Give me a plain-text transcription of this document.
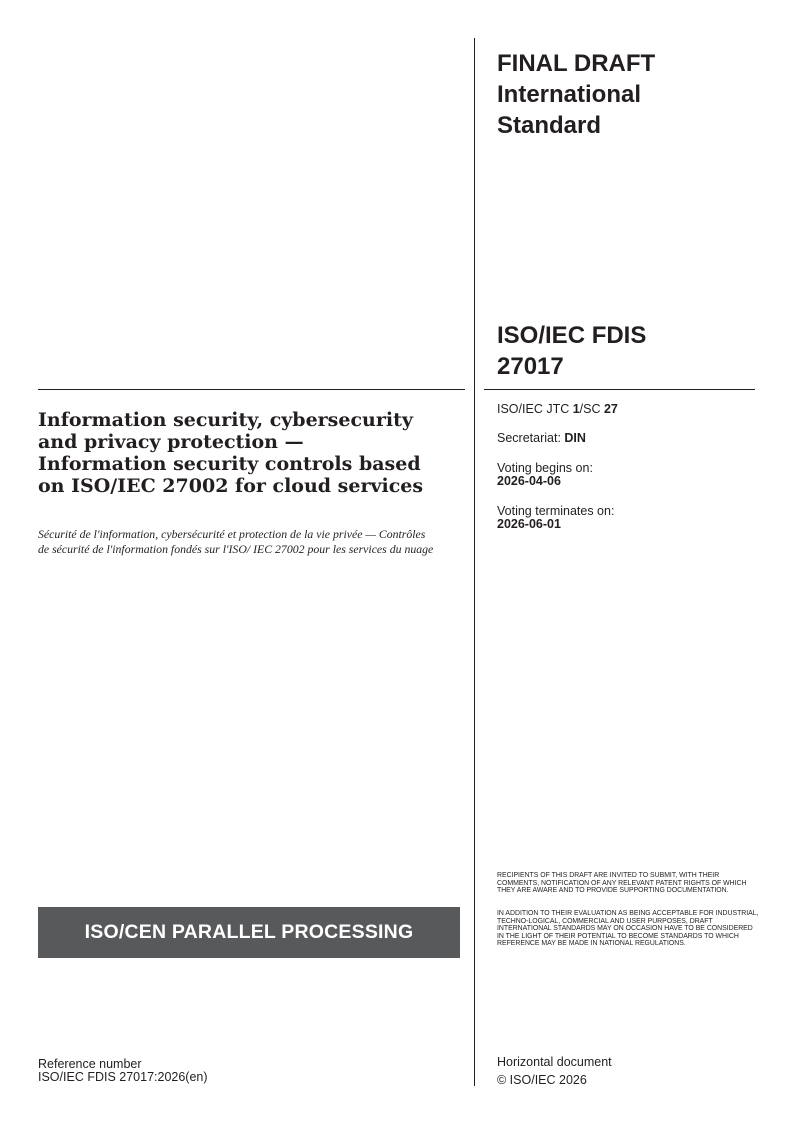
FINAL DRAFT
International
Standard
ISO/IEC FDIS
27017
ISO/IEC JTC 1/SC 27
Secretariat: DIN
Voting begins on:
2026-04-06
Voting terminates on:
2026-06-01
Information security, cybersecurity
and privacy protection —
Information security controls based
on ISO/IEC 27002 for cloud services
Sécurité de l'information, cybersécurité et protection de la vie privée — Contrôles de sécurité de l'information fondés sur l'ISO/ IEC 27002 pour les services du nuage
ISO/CEN PARALLEL PROCESSING
RECIPIENTS OF THIS DRAFT ARE INVITED TO SUBMIT, WITH THEIR COMMENTS, NOTIFICATION OF ANY RELEVANT PATENT RIGHTS OF WHICH THEY ARE AWARE AND TO PROVIDE SUPPORTING DOCUMENTATION.
IN ADDITION TO THEIR EVALUATION AS BEING ACCEPTABLE FOR INDUSTRIAL, TECHNO-LOGICAL, COMMERCIAL AND USER PURPOSES, DRAFT INTERNATIONAL STANDARDS MAY ON OCCASION HAVE TO BE CONSIDERED IN THE LIGHT OF THEIR POTENTIAL TO BECOME STANDARDS TO WHICH REFERENCE MAY BE MADE IN NATIONAL REGULATIONS.
Reference number
ISO/IEC FDIS 27017:2026(en)
Horizontal document
© ISO/IEC 2026
